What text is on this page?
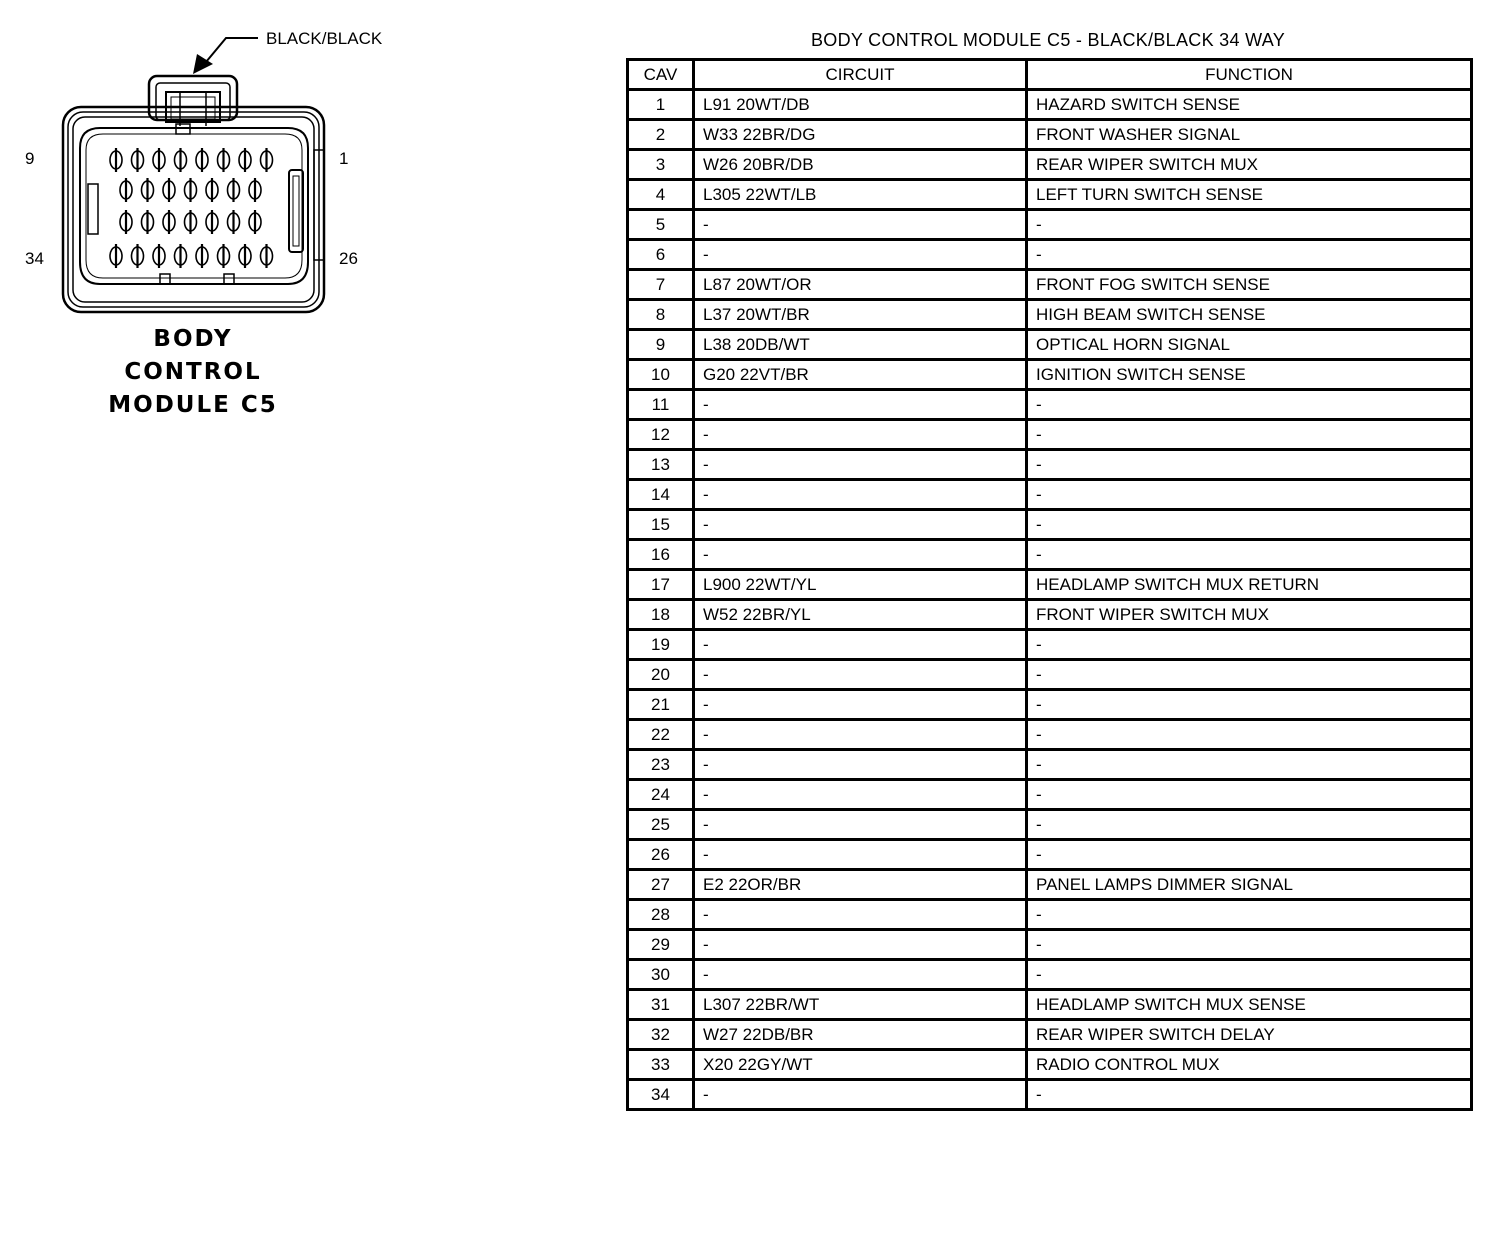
BLACK/BLACK
9	1
34	26
BODY
CONTROL
MODULE C5
BODY CONTROL MODULE C5 - BLACK/BLACK 34 WAY
CAV	CIRCUIT	FUNCTION
1	L91 20WT/DB	HAZARD SWITCH SENSE
2	W33 22BR/DG	FRONT WASHER SIGNAL
3	W26 20BR/DB	REAR WIPER SWITCH MUX
4	L305 22WT/LB	LEFT TURN SWITCH SENSE
5	-	-
6	-	-
7	L87 20WT/OR	FRONT FOG SWITCH SENSE
8	L37 20WT/BR	HIGH BEAM SWITCH SENSE
9	L38 20DB/WT	OPTICAL HORN SIGNAL
10	G20 22VT/BR	IGNITION SWITCH SENSE
11	-	-
12	-	-
13	-	-
14	-	-
15	-	-
16	-	-
17	L900 22WT/YL	HEADLAMP SWITCH MUX RETURN
18	W52 22BR/YL	FRONT WIPER SWITCH MUX
19	-	-
20	-	-
21	-	-
22	-	-
23	-	-
24	-	-
25	-	-
26	-	-
27	E2 22OR/BR	PANEL LAMPS DIMMER SIGNAL
28	-	-
29	-	-
30	-	-
31	L307 22BR/WT	HEADLAMP SWITCH MUX SENSE
32	W27 22DB/BR	REAR WIPER SWITCH DELAY
33	X20 22GY/WT	RADIO CONTROL MUX
34	-	-
